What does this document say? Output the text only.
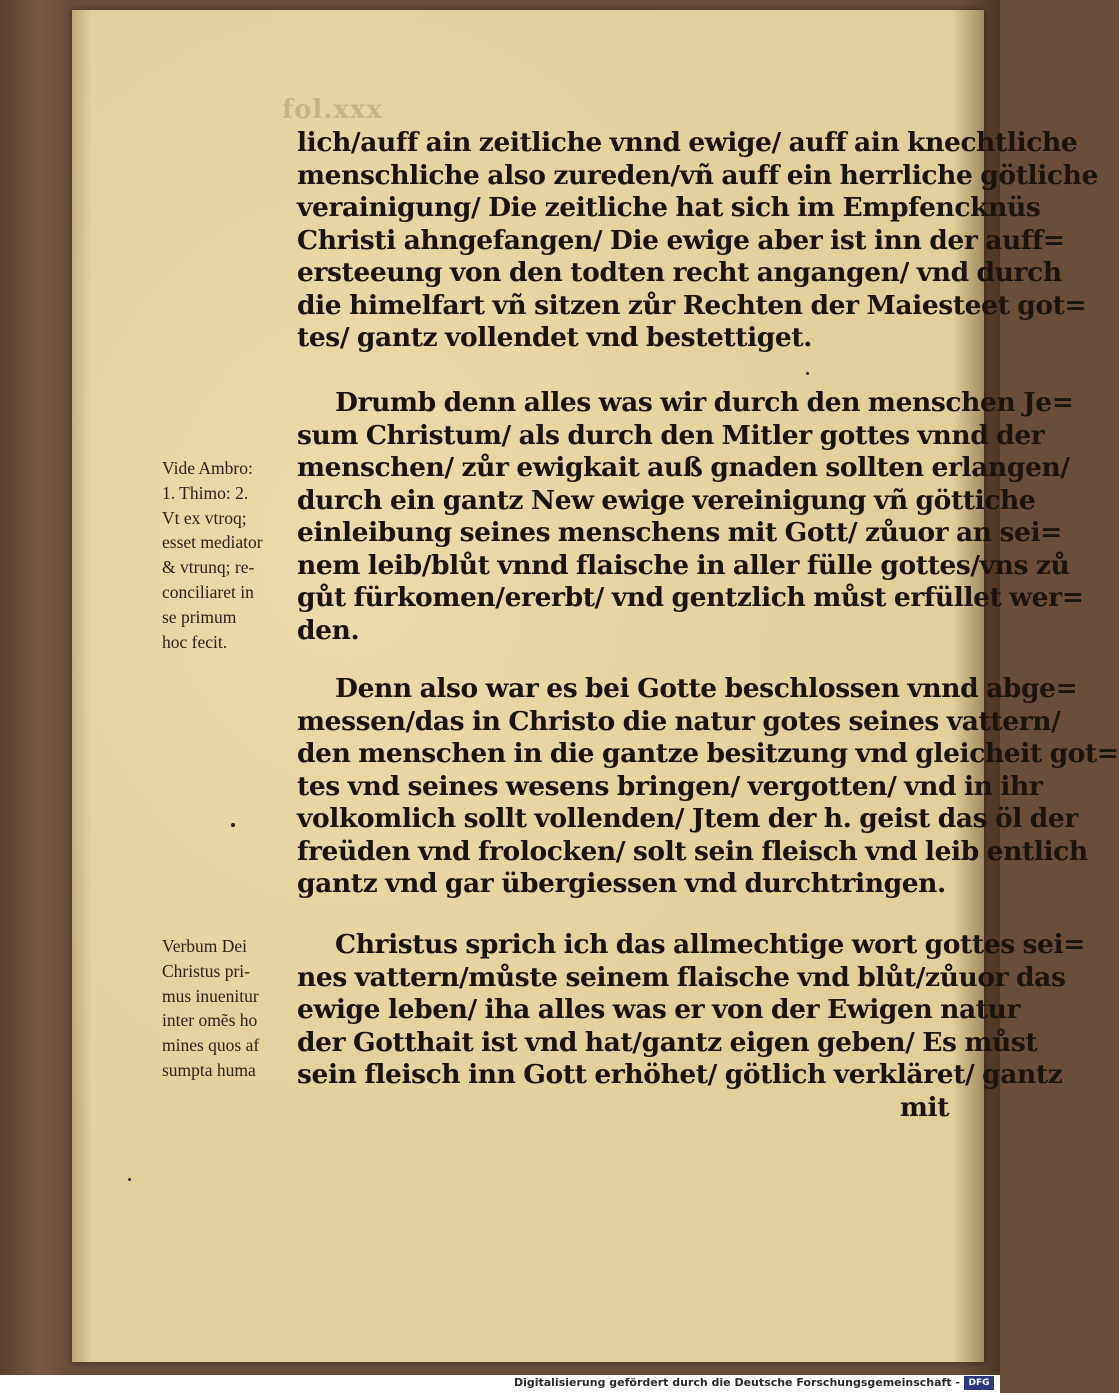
fol.xxx
lich/auff ain zeitliche vnnd ewige/ auff ain knechtliche
menschliche also zureden/vñ auff ein herrliche götliche
verainigung/ Die zeitliche hat sich im Empfencknüs
Christi ahngefangen/ Die ewige aber ist inn der auff=
ersteeung von den todten recht angangen/ vnd durch
die himelfart vñ sitzen zůr Rechten der Maiesteet got=
tes/ gantz vollendet vnd bestettiget.
Drumb denn alles was wir durch den menschen Je=
sum Christum/ als durch den Mitler gottes vnnd der
menschen/ zůr ewigkait auß gnaden sollten erlangen/
durch ein gantz New ewige vereinigung vñ göttiche
einleibung seines menschens mit Gott/ zůuor an sei=
nem leib/blůt vnnd flaische in aller fülle gottes/vns zů
gůt fürkomen/ererbt/ vnd gentzlich můst erfüllet wer=
den.
Denn also war es bei Gotte beschlossen vnnd abge=
messen/das in Christo die natur gotes seines vattern/
den menschen in die gantze besitzung vnd gleicheit got=
tes vnd seines wesens bringen/ vergotten/ vnd in ihr
volkomlich sollt vollenden/ Jtem der h. geist das öl der
freüden vnd frolocken/ solt sein fleisch vnd leib entlich
gantz vnd gar übergiessen vnd durchtringen.
Christus sprich ich das allmechtige wort gottes sei=
nes vattern/můste seinem flaische vnd blůt/zůuor das
ewige leben/ iha alles was er von der Ewigen natur
der Gotthait ist vnd hat/gantz eigen geben/ Es můst
sein fleisch inn Gott erhöhet/ götlich verkläret/ gantz
mit
Vide Ambro:
1. Thimo: 2.
Vt ex vtroq;
esset mediator
& vtrunq; re-
conciliaret in
se primum
hoc fecit.
Verbum Dei
Christus pri-
mus inuenitur
inter omẽs ho
mines quos af
sumpta huma
Digitalisierung gefördert durch die Deutsche Forschungsgemeinschaft - DFG
